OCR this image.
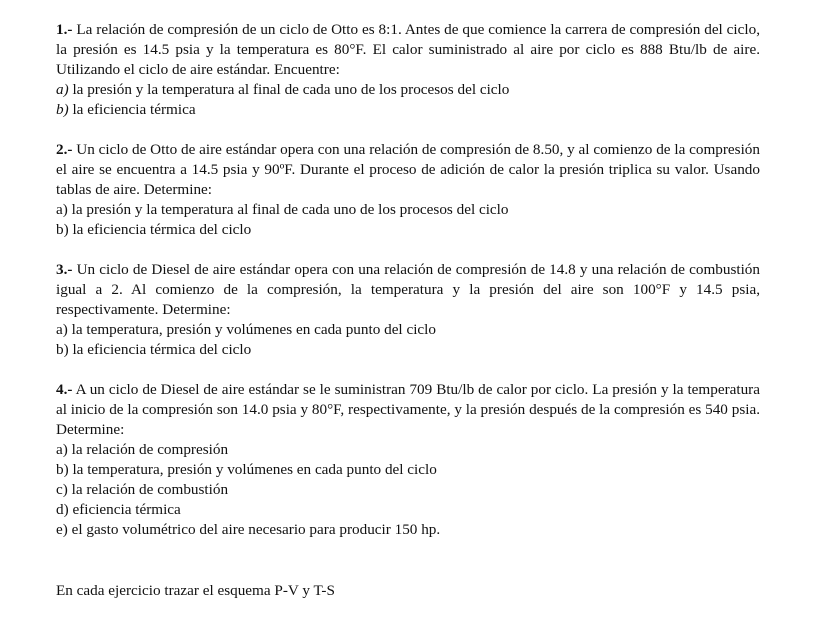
1.- La relación de compresión de un ciclo de Otto es 8:1. Antes de que comience la carrera de compresión del ciclo, la presión es 14.5 psia y la temperatura es 80°F. El calor suministrado al aire por ciclo es 888 Btu/lb de aire. Utilizando el ciclo de aire estándar. Encuentre:

a) la presión y la temperatura al final de cada uno de los procesos del ciclo
b) la eficiencia térmica

2.- Un ciclo de Otto de aire estándar opera con una relación de compresión de 8.50, y al comienzo de la compresión el aire se encuentra a 14.5 psia y 90ºF. Durante el proceso de adición de calor la presión triplica su valor. Usando tablas de aire. Determine:

a) la presión y la temperatura al final de cada uno de los procesos del ciclo
b) la eficiencia térmica del ciclo

3.- Un ciclo de Diesel de aire estándar opera con una relación de compresión de 14.8 y una relación de combustión igual a 2. Al comienzo de la compresión, la temperatura y la presión del aire son 100°F y 14.5 psia, respectivamente. Determine:

a) la temperatura, presión y volúmenes en cada punto del ciclo
b) la eficiencia térmica del ciclo

4.- A un ciclo de Diesel de aire estándar se le suministran 709 Btu/lb de calor por ciclo. La presión y la temperatura al inicio de la compresión son 14.0 psia y 80°F, respectivamente, y la presión después de la compresión es 540 psia. Determine:

a) la relación de compresión
b) la temperatura, presión y volúmenes en cada punto del ciclo
c) la relación de combustión
d) eficiencia térmica
e) el gasto volumétrico del aire necesario para producir 150 hp.

En cada ejercicio trazar el esquema P-V y T-S
